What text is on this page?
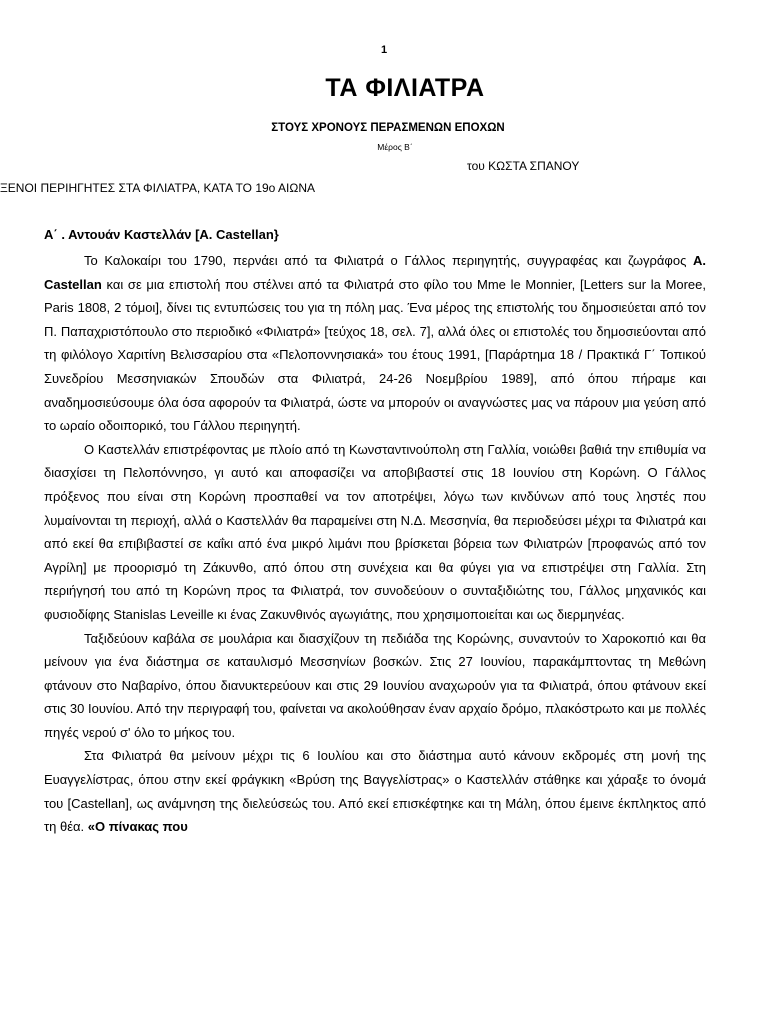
1
ΤΑ ΦΙΛΙΑΤΡΑ
ΣΤΟΥΣ ΧΡΟΝΟΥΣ ΠΕΡΑΣΜΕΝΩΝ ΕΠΟΧΩΝ
Μέρος Β΄
του ΚΩΣΤΑ ΣΠΑΝΟΥ
ΞΕΝΟΙ ΠΕΡΙΗΓΗΤΕΣ ΣΤΑ ΦΙΛΙΑΤΡΑ, ΚΑΤΑ ΤΟ 19ο ΑΙΩΝΑ
Α΄ . Αντουάν Καστελλάν [A. Castellan}

Το Καλοκαίρι του 1790, περνάει από τα Φιλιατρά ο Γάλλος περιηγητής, συγγραφέας και ζωγράφος A. Castellan και σε μια επιστολή που στέλνει από τα Φιλιατρά στο φίλο του Mme le Monnier, [Letters sur la Moree, Paris 1808, 2 τόμοι], δίνει τις εντυπώσεις του για τη πόλη μας. Ένα μέρος της επιστολής του δημοσιεύεται από τον Π. Παπαχριστόπουλο στο περιοδικό «Φιλιατρά» [τεύχος 18, σελ. 7], αλλά όλες οι επιστολές του δημοσιεύονται από τη φιλόλογο Χαριτίνη Βελισσαρίου στα «Πελοποννησιακά» του έτους 1991, [Παράρτημα 18 / Πρακτικά Γ΄ Τοπικού Συνεδρίου Μεσσηνιακών Σπουδών στα Φιλιατρά, 24-26 Νοεμβρίου 1989], από όπου πήραμε και αναδημοσιεύσουμε όλα όσα αφορούν τα Φιλιατρά, ώστε να μπορούν οι αναγνώστες μας να πάρουν μια γεύση από το ωραίο οδοιπορικό, του Γάλλου περιηγητή.

Ο Καστελλάν επιστρέφοντας με πλοίο από τη Κωνσταντινούπολη στη Γαλλία, νοιώθει βαθιά την επιθυμία να διασχίσει τη Πελοπόννησο, γι αυτό και αποφασίζει να αποβιβαστεί στις 18 Ιουνίου στη Κορώνη. Ο Γάλλος πρόξενος που είναι στη Κορώνη προσπαθεί να τον αποτρέψει, λόγω των κινδύνων από τους ληστές που λυμαίνονται τη περιοχή, αλλά ο Καστελλάν θα παραμείνει στη Ν.Δ. Μεσσηνία, θα περιοδεύσει μέχρι τα Φιλιατρά και από εκεί θα επιβιβαστεί σε καΐκι από ένα μικρό λιμάνι που βρίσκεται βόρεια των Φιλιατρών [προφανώς από τον Αγρίλη] με προορισμό τη Ζάκυνθο, από όπου στη συνέχεια και θα φύγει για να επιστρέψει στη Γαλλία. Στη περιήγησή του από τη Κορώνη προς τα Φιλιατρά, τον συνοδεύουν ο συνταξιδιώτης του, Γάλλος μηχανικός και φυσιοδίφης Stanislas Leveille κι ένας Ζακυνθινός αγωγιάτης, που χρησιμοποιείται και ως διερμηνέας.

Ταξιδεύουν καβάλα σε μουλάρια και διασχίζουν τη πεδιάδα της Κορώνης, συναντούν το Χαροκοπιό και θα μείνουν για ένα διάστημα σε καταυλισμό Μεσσηνίων βοσκών. Στις 27 Ιουνίου, παρακάμπτοντας τη Μεθώνη φτάνουν στο Ναβαρίνο, όπου διανυκτερεύουν και στις 29 Ιουνίου αναχωρούν για τα Φιλιατρά, όπου φτάνουν εκεί στις 30 Ιουνίου. Από την περιγραφή του, φαίνεται να ακολούθησαν έναν αρχαίο δρόμο, πλακόστρωτο και με πολλές πηγές νερού σ' όλο το μήκος του.

Στα Φιλιατρά θα μείνουν μέχρι τις 6 Ιουλίου και στο διάστημα αυτό κάνουν εκδρομές στη μονή της Ευαγγελίστρας, όπου στην εκεί φράγκικη «Βρύση της Βαγγελίστρας» ο Καστελλάν στάθηκε και χάραξε το όνομά του [Castellan], ως ανάμνηση της διελεύσεώς του. Από εκεί επισκέφτηκε και τη Μάλη, όπου έμεινε έκπληκτος από τη θέα. «Ο πίνακας που
